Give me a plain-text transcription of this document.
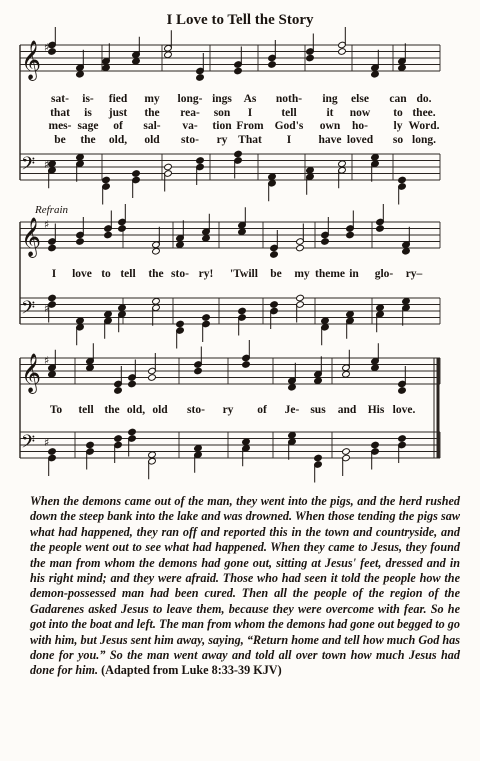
I Love to Tell the Story
Refrain
𝄞 ♯
𝄢 ♯
𝄞 ♯
𝄢 ♯
𝄞 ♯
𝄢 ♯
sat- is- fied my long- ings As noth- ing else can do.
that is just the rea- son I	tell	it now to thee.
mes- sage of sal- va- tion From God's own ho- ly Word.
be the old, old sto- ry That I have loved so long.
I love to tell the sto- ry! 'Twill be my theme in glo- ry–
To tell the old, old sto- ry of Je- sus and His love.
When the demons came out of the man, they went into the pigs, and the herd rushed down the steep bank into the lake and was drowned. When those tending the pigs saw what had happened, they ran off and reported this in the town and countryside, and the people went out to see what had happened. When they came to Jesus, they found the man from whom the demons had gone out, sitting at Jesus' feet, dressed and in his right mind; and they were afraid. Those who had seen it told the people how the demon-possessed man had been cured. Then all the people of the region of the Gadarenes asked Jesus to leave them, because they were overcome with fear. So he got into the boat and left. The man from whom the demons had gone out begged to go with him, but Jesus sent him away, saying, “Return home and tell how much God has done for you.” So the man went away and told all over town how much Jesus had done for him. (Adapted from Luke 8:33-39 KJV)
